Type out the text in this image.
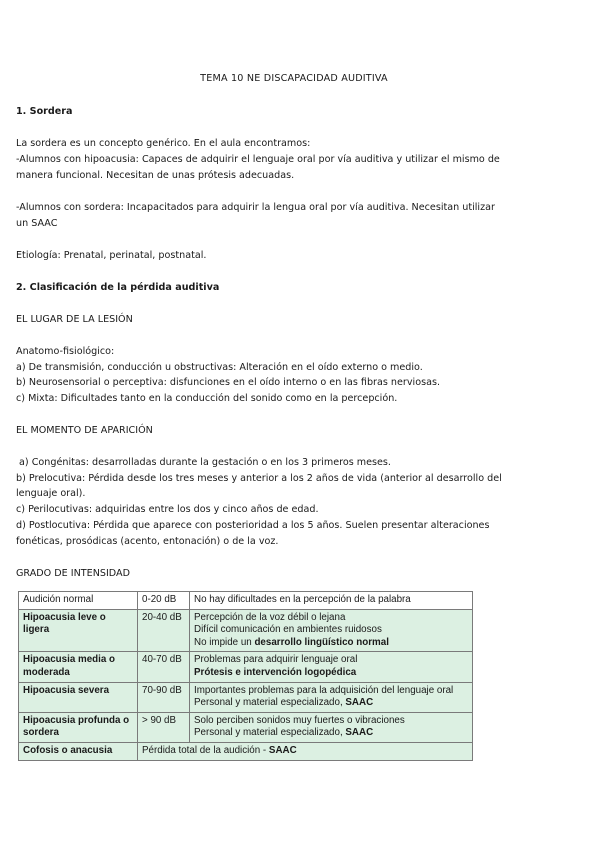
TEMA 10 NE DISCAPACIDAD AUDITIVA
1. Sordera
La sordera es un concepto genérico. En el aula encontramos:
-Alumnos con hipoacusia: Capaces de adquirir el lenguaje oral por vía auditiva y utilizar el mismo de
manera funcional. Necesitan de unas prótesis adecuadas.
-Alumnos con sordera: Incapacitados para adquirir la lengua oral por vía auditiva. Necesitan utilizar
un SAAC
Etiología: Prenatal, perinatal, postnatal.
2. Clasificación de la pérdida auditiva
EL LUGAR DE LA LESIÓN
Anatomo-fisiológico:
a) De transmisión, conducción u obstructivas: Alteración en el oído externo o medio.
b) Neurosensorial o perceptiva: disfunciones en el oído interno o en las fibras nerviosas.
c) Mixta: Dificultades tanto en la conducción del sonido como en la percepción.
EL MOMENTO DE APARICIÓN
a) Congénitas: desarrolladas durante la gestación o en los 3 primeros meses.
b) Prelocutiva: Pérdida desde los tres meses y anterior a los 2 años de vida (anterior al desarrollo del
lenguaje oral).
c) Perilocutivas: adquiridas entre los dos y cinco años de edad.
d) Postlocutiva: Pérdida que aparece con posterioridad a los 5 años. Suelen presentar alteraciones
fonéticas, prosódicas (acento, entonación) o de la voz.
GRADO DE INTENSIDAD
Audición normal	0-20 dB	No hay dificultades en la percepción de la palabra
Hipoacusia leve o ligera	20-40 dB	Percepción de la voz débil o lejana
Difícil comunicación en ambientes ruidosos
No impide un desarrollo lingüístico normal

Hipoacusia media o moderada	40-70 dB	Problemas para adquirir lenguaje oral
Prótesis e intervención logopédica

Hipoacusia severa	70-90 dB	Importantes problemas para la adquisición del lenguaje oral
Personal y material especializado, SAAC

Hipoacusia profunda o sordera	> 90 dB	Solo perciben sonidos muy fuertes o vibraciones
Personal y material especializado, SAAC

Cofosis o anacusia	Pérdida total de la audición - SAAC	
